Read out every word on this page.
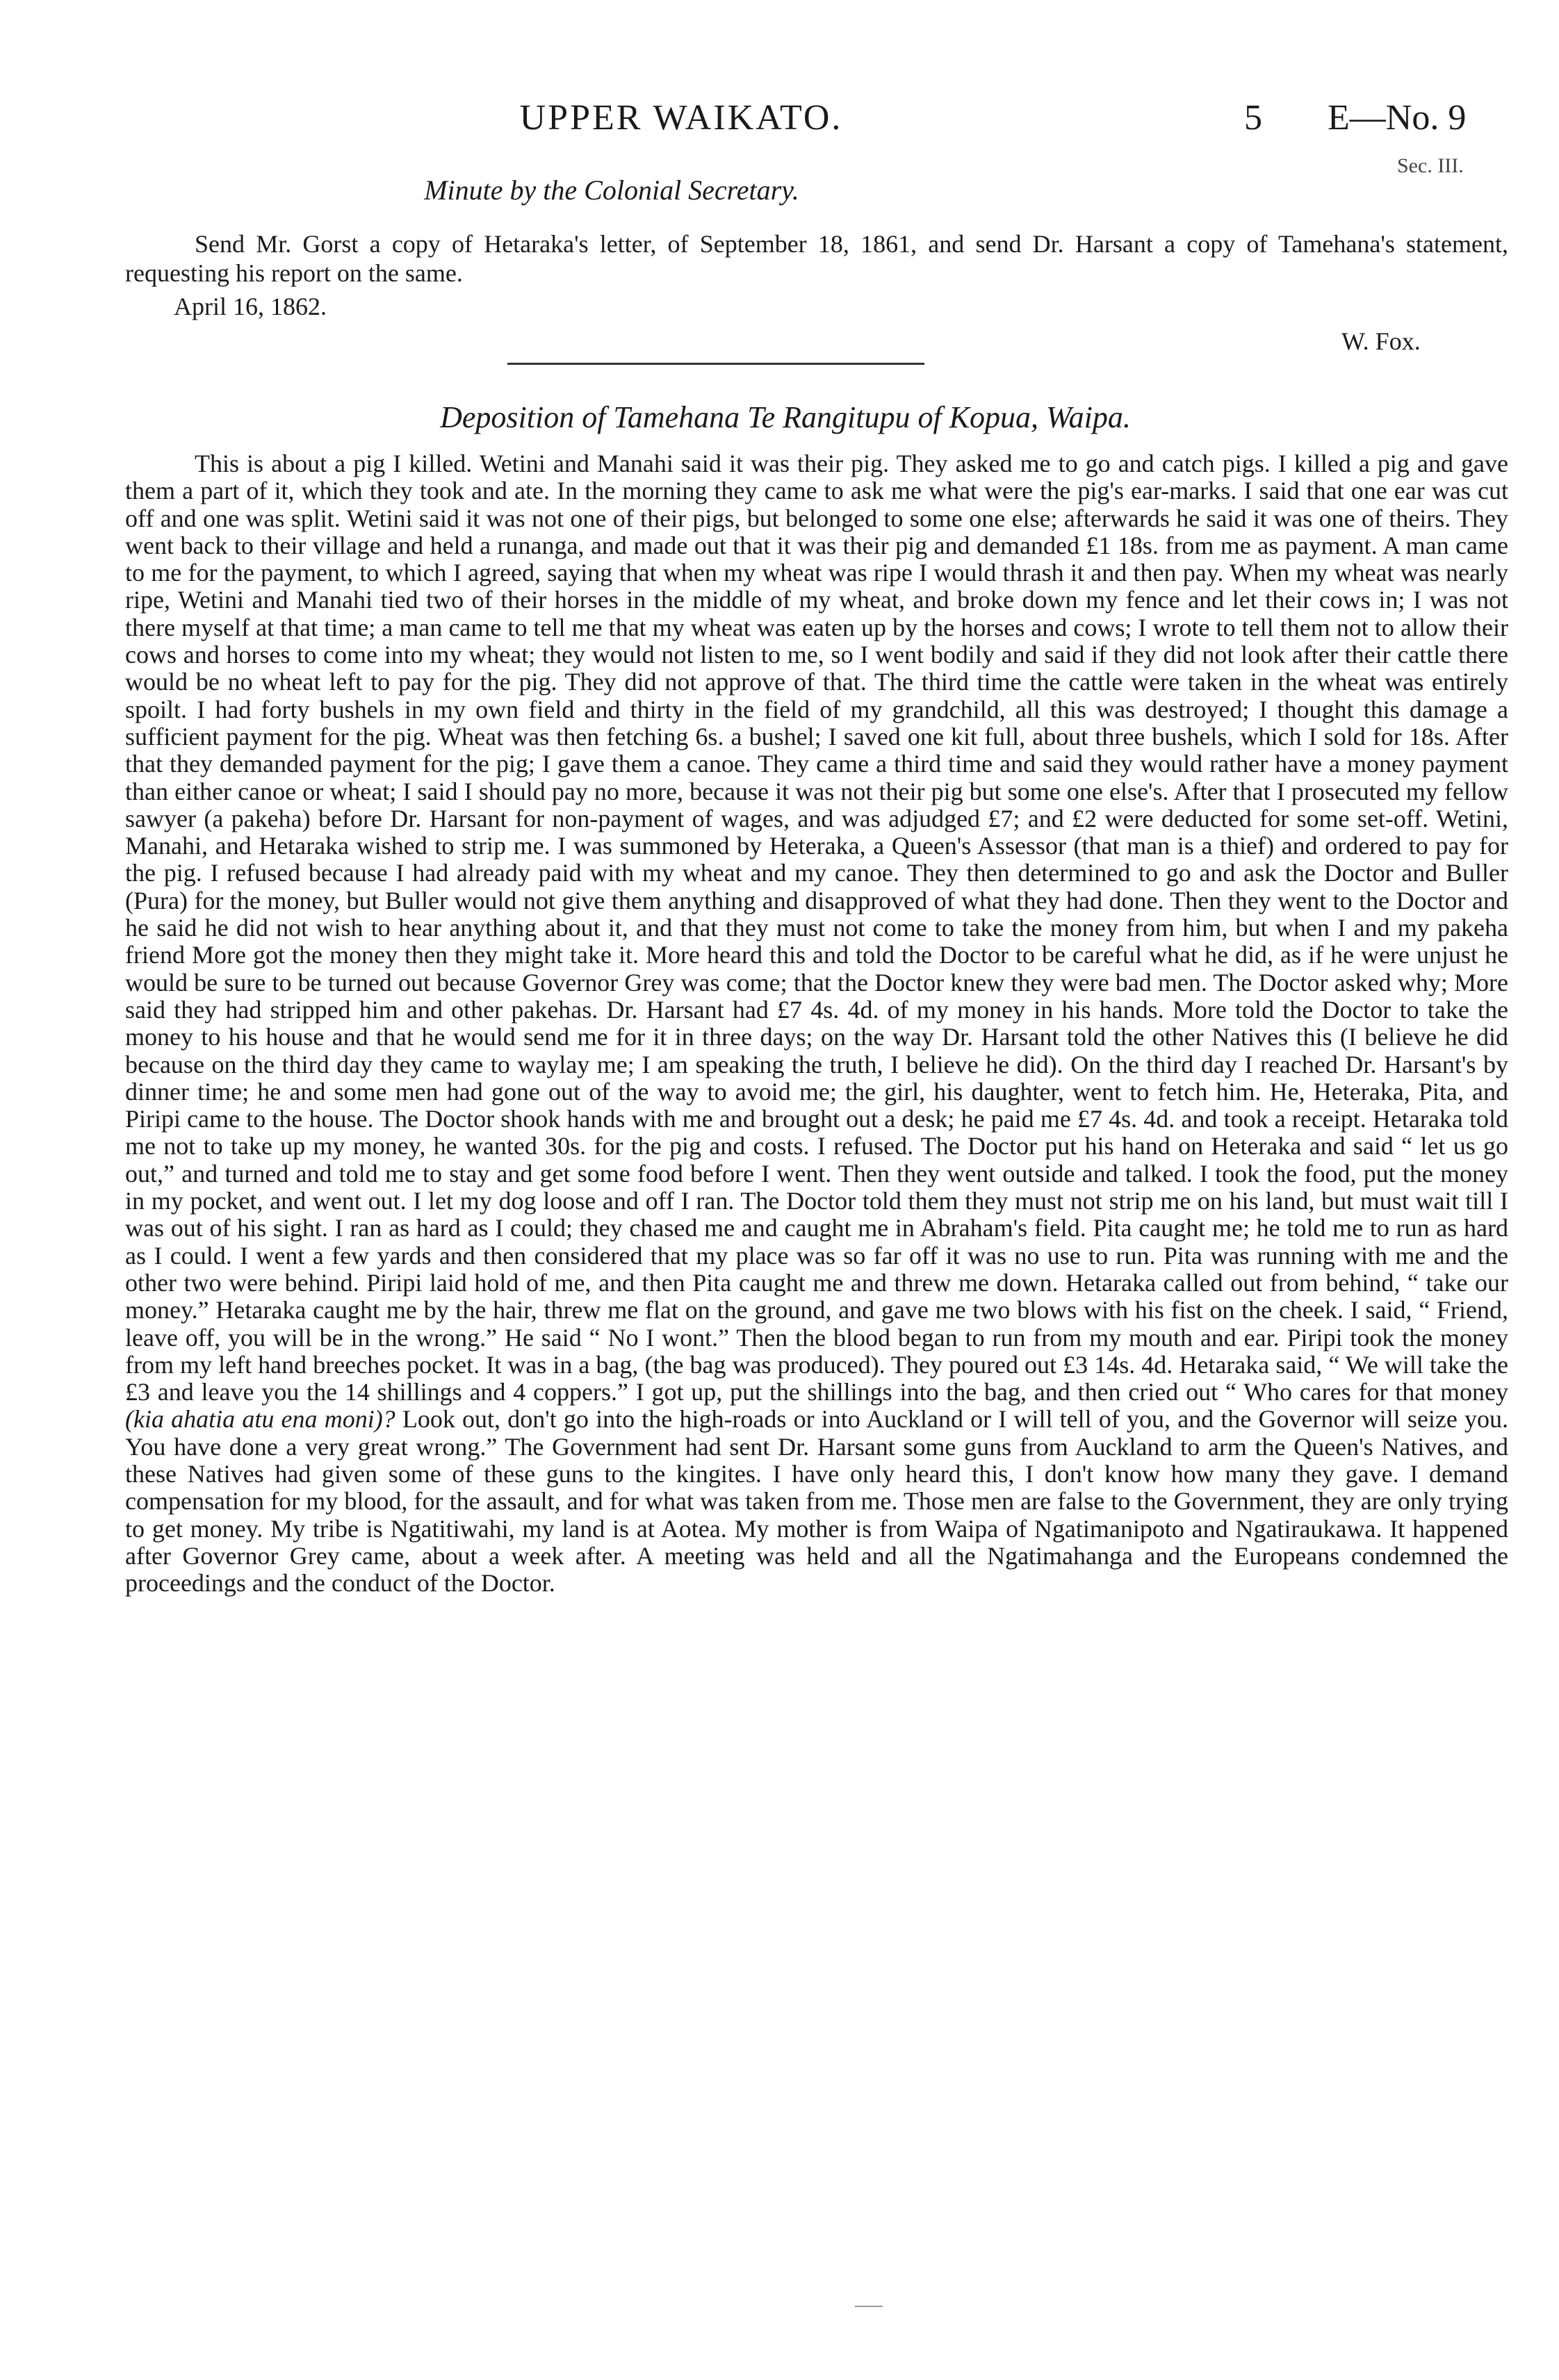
UPPER WAIKATO.	5 E—No. 9
Sec. III.
Minute by the Colonial Secretary.

Send Mr. Gorst a copy of Hetaraka's letter, of September 18, 1861, and send Dr. Harsant a copy of Tamehana's statement, requesting his report on the same.

April 16, 1862.
W. Fox.
Deposition of Tamehana Te Rangitupu of Kopua, Waipa.

This is about a pig I killed. Wetini and Manahi said it was their pig. They asked me to go and catch pigs. I killed a pig and gave them a part of it, which they took and ate. In the morning they came to ask me what were the pig's ear-marks. I said that one ear was cut off and one was split. Wetini said it was not one of their pigs, but belonged to some one else; afterwards he said it was one of theirs. They went back to their village and held a runanga, and made out that it was their pig and demanded £1 18s. from me as payment. A man came to me for the payment, to which I agreed, saying that when my wheat was ripe I would thrash it and then pay. When my wheat was nearly ripe, Wetini and Manahi tied two of their horses in the middle of my wheat, and broke down my fence and let their cows in; I was not there myself at that time; a man came to tell me that my wheat was eaten up by the horses and cows; I wrote to tell them not to allow their cows and horses to come into my wheat; they would not listen to me, so I went bodily and said if they did not look after their cattle there would be no wheat left to pay for the pig. They did not approve of that. The third time the cattle were taken in the wheat was entirely spoilt. I had forty bushels in my own field and thirty in the field of my grandchild, all this was destroyed; I thought this damage a sufficient payment for the pig. Wheat was then fetching 6s. a bushel; I saved one kit full, about three bushels, which I sold for 18s. After that they demanded payment for the pig; I gave them a canoe. They came a third time and said they would rather have a money payment than either canoe or wheat; I said I should pay no more, because it was not their pig but some one else's. After that I prosecuted my fellow sawyer (a pakeha) before Dr. Harsant for non-payment of wages, and was adjudged £7; and £2 were deducted for some set-off. Wetini, Manahi, and Hetaraka wished to strip me. I was summoned by Heteraka, a Queen's Assessor (that man is a thief) and ordered to pay for the pig. I refused because I had already paid with my wheat and my canoe. They then determined to go and ask the Doctor and Buller (Pura) for the money, but Buller would not give them anything and disapproved of what they had done. Then they went to the Doctor and he said he did not wish to hear anything about it, and that they must not come to take the money from him, but when I and my pakeha friend More got the money then they might take it. More heard this and told the Doctor to be careful what he did, as if he were unjust he would be sure to be turned out because Governor Grey was come; that the Doctor knew they were bad men. The Doctor asked why; More said they had stripped him and other pakehas. Dr. Harsant had £7 4s. 4d. of my money in his hands. More told the Doctor to take the money to his house and that he would send me for it in three days; on the way Dr. Harsant told the other Natives this (I believe he did because on the third day they came to waylay me; I am speaking the truth, I believe he did). On the third day I reached Dr. Harsant's by dinner time; he and some men had gone out of the way to avoid me; the girl, his daughter, went to fetch him. He, Heteraka, Pita, and Piripi came to the house. The Doctor shook hands with me and brought out a desk; he paid me £7 4s. 4d. and took a receipt. Hetaraka told me not to take up my money, he wanted 30s. for the pig and costs. I refused. The Doctor put his hand on Heteraka and said “ let us go out,” and turned and told me to stay and get some food before I went. Then they went outside and talked. I took the food, put the money in my pocket, and went out. I let my dog loose and off I ran. The Doctor told them they must not strip me on his land, but must wait till I was out of his sight. I ran as hard as I could; they chased me and caught me in Abraham's field. Pita caught me; he told me to run as hard as I could. I went a few yards and then considered that my place was so far off it was no use to run. Pita was running with me and the other two were behind. Piripi laid hold of me, and then Pita caught me and threw me down. Hetaraka called out from behind, “ take our money.” Hetaraka caught me by the hair, threw me flat on the ground, and gave me two blows with his fist on the cheek. I said, “ Friend, leave off, you will be in the wrong.” He said “ No I wont.” Then the blood began to run from my mouth and ear. Piripi took the money from my left hand breeches pocket. It was in a bag, (the bag was produced). They poured out £3 14s. 4d. Hetaraka said, “ We will take the £3 and leave you the 14 shillings and 4 coppers.” I got up, put the shillings into the bag, and then cried out “ Who cares for that money (kia ahatia atu ena moni)? Look out, don't go into the high-roads or into Auckland or I will tell of you, and the Governor will seize you. You have done a very great wrong.” The Government had sent Dr. Harsant some guns from Auckland to arm the Queen's Natives, and these Natives had given some of these guns to the kingites. I have only heard this, I don't know how many they gave. I demand compensation for my blood, for the assault, and for what was taken from me. Those men are false to the Government, they are only trying to get money. My tribe is Ngatitiwahi, my land is at Aotea. My mother is from Waipa of Ngatimanipoto and Ngatiraukawa. It happened after Governor Grey came, about a week after. A meeting was held and all the Ngatimahanga and the Europeans condemned the proceedings and the conduct of the Doctor.
